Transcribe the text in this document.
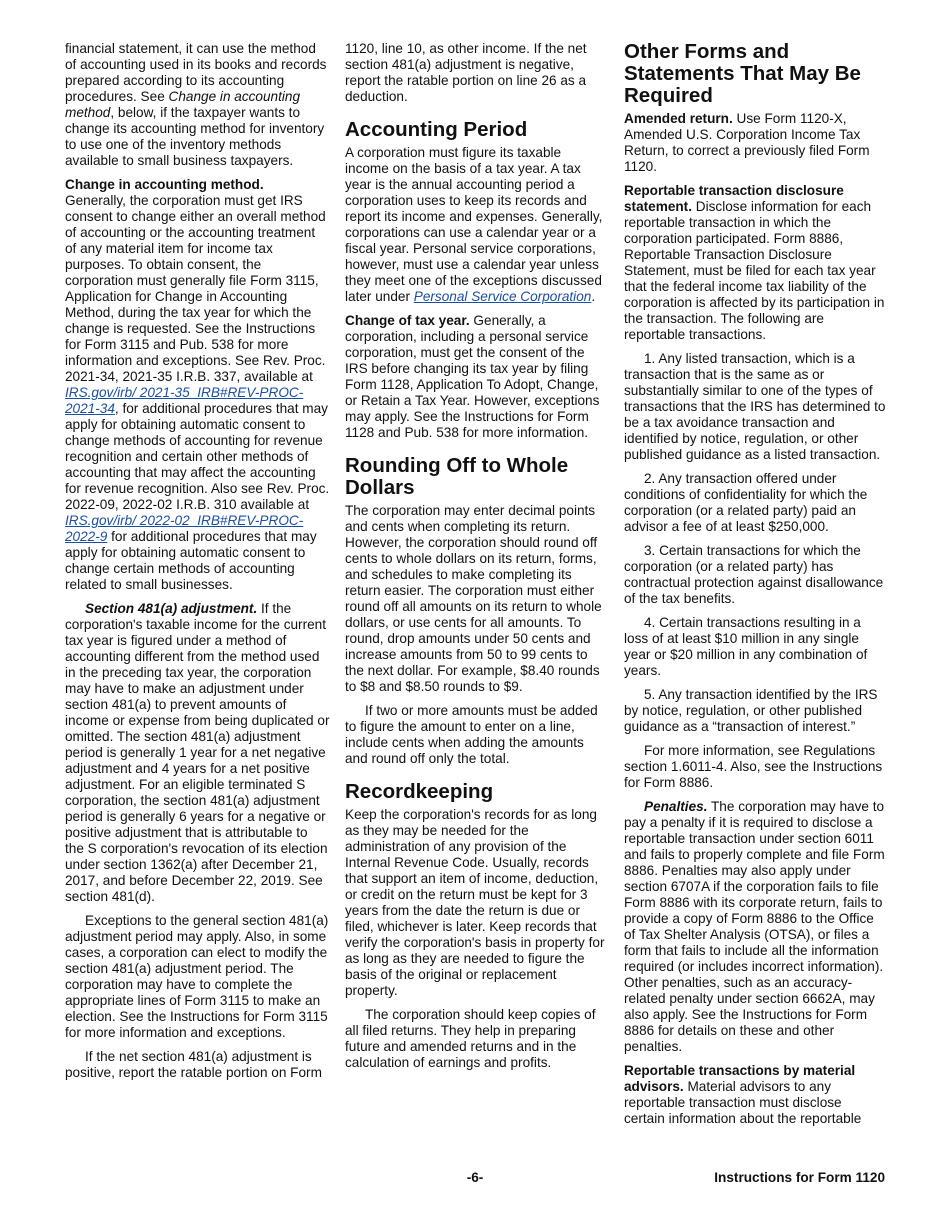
financial statement, it can use the method of accounting used in its books and records prepared according to its accounting procedures. See Change in accounting method, below, if the taxpayer wants to change its accounting method for inventory to use one of the inventory methods available to small business taxpayers.

Change in accounting method.
Generally, the corporation must get IRS consent to change either an overall method of accounting or the accounting treatment of any material item for income tax purposes. To obtain consent, the corporation must generally file Form 3115, Application for Change in Accounting Method, during the tax year for which the change is requested. See the Instructions for Form 3115 and Pub. 538 for more information and exceptions. See Rev. Proc. 2021-34, 2021-35 I.R.B. 337, available at IRS.gov/irb/ 2021-35_IRB#REV-PROC-2021-34, for additional procedures that may apply for obtaining automatic consent to change methods of accounting for revenue recognition and certain other methods of accounting that may affect the accounting for revenue recognition. Also see Rev. Proc. 2022-09, 2022-02 I.R.B. 310 available at IRS.gov/irb/ 2022-02_IRB#REV-PROC-2022-9 for additional procedures that may apply for obtaining automatic consent to change certain methods of accounting related to small businesses.

Section 481(a) adjustment. If the corporation's taxable income for the current tax year is figured under a method of accounting different from the method used in the preceding tax year, the corporation may have to make an adjustment under section 481(a) to prevent amounts of income or expense from being duplicated or omitted. The section 481(a) adjustment period is generally 1 year for a net negative adjustment and 4 years for a net positive adjustment. For an eligible terminated S corporation, the section 481(a) adjustment period is generally 6 years for a negative or positive adjustment that is attributable to the S corporation's revocation of its election under section 1362(a) after December 21, 2017, and before December 22, 2019. See section 481(d).

Exceptions to the general section 481(a) adjustment period may apply. Also, in some cases, a corporation can elect to modify the section 481(a) adjustment period. The corporation may have to complete the appropriate lines of Form 3115 to make an election. See the Instructions for Form 3115 for more information and exceptions.

If the net section 481(a) adjustment is positive, report the ratable portion on Form

1120, line 10, as other income. If the net section 481(a) adjustment is negative, report the ratable portion on line 26 as a deduction.

Accounting Period

A corporation must figure its taxable income on the basis of a tax year. A tax year is the annual accounting period a corporation uses to keep its records and report its income and expenses. Generally, corporations can use a calendar year or a fiscal year. Personal service corporations, however, must use a calendar year unless they meet one of the exceptions discussed later under Personal Service Corporation.

Change of tax year. Generally, a corporation, including a personal service corporation, must get the consent of the IRS before changing its tax year by filing Form 1128, Application To Adopt, Change, or Retain a Tax Year. However, exceptions may apply. See the Instructions for Form 1128 and Pub. 538 for more information.

Rounding Off to Whole Dollars

The corporation may enter decimal points and cents when completing its return. However, the corporation should round off cents to whole dollars on its return, forms, and schedules to make completing its return easier. The corporation must either round off all amounts on its return to whole dollars, or use cents for all amounts. To round, drop amounts under 50 cents and increase amounts from 50 to 99 cents to the next dollar. For example, $8.40 rounds to $8 and $8.50 rounds to $9.

If two or more amounts must be added to figure the amount to enter on a line, include cents when adding the amounts and round off only the total.

Recordkeeping

Keep the corporation's records for as long as they may be needed for the administration of any provision of the Internal Revenue Code. Usually, records that support an item of income, deduction, or credit on the return must be kept for 3 years from the date the return is due or filed, whichever is later. Keep records that verify the corporation's basis in property for as long as they are needed to figure the basis of the original or replacement property.

The corporation should keep copies of all filed returns. They help in preparing future and amended returns and in the calculation of earnings and profits.

Other Forms and Statements That May Be Required

Amended return. Use Form 1120-X, Amended U.S. Corporation Income Tax Return, to correct a previously filed Form 1120.

Reportable transaction disclosure statement. Disclose information for each reportable transaction in which the corporation participated. Form 8886, Reportable Transaction Disclosure Statement, must be filed for each tax year that the federal income tax liability of the corporation is affected by its participation in the transaction. The following are reportable transactions.

1. Any listed transaction, which is a transaction that is the same as or substantially similar to one of the types of transactions that the IRS has determined to be a tax avoidance transaction and identified by notice, regulation, or other published guidance as a listed transaction.

2. Any transaction offered under conditions of confidentiality for which the corporation (or a related party) paid an advisor a fee of at least $250,000.

3. Certain transactions for which the corporation (or a related party) has contractual protection against disallowance of the tax benefits.

4. Certain transactions resulting in a loss of at least $10 million in any single year or $20 million in any combination of years.

5. Any transaction identified by the IRS by notice, regulation, or other published guidance as a “transaction of interest.”

For more information, see Regulations section 1.6011-4. Also, see the Instructions for Form 8886.

Penalties. The corporation may have to pay a penalty if it is required to disclose a reportable transaction under section 6011 and fails to properly complete and file Form 8886. Penalties may also apply under section 6707A if the corporation fails to file Form 8886 with its corporate return, fails to provide a copy of Form 8886 to the Office of Tax Shelter Analysis (OTSA), or files a form that fails to include all the information required (or includes incorrect information). Other penalties, such as an accuracy-related penalty under section 6662A, may also apply. See the Instructions for Form 8886 for details on these and other penalties.

Reportable transactions by material advisors. Material advisors to any reportable transaction must disclose certain information about the reportable

-6-	Instructions for Form 1120
